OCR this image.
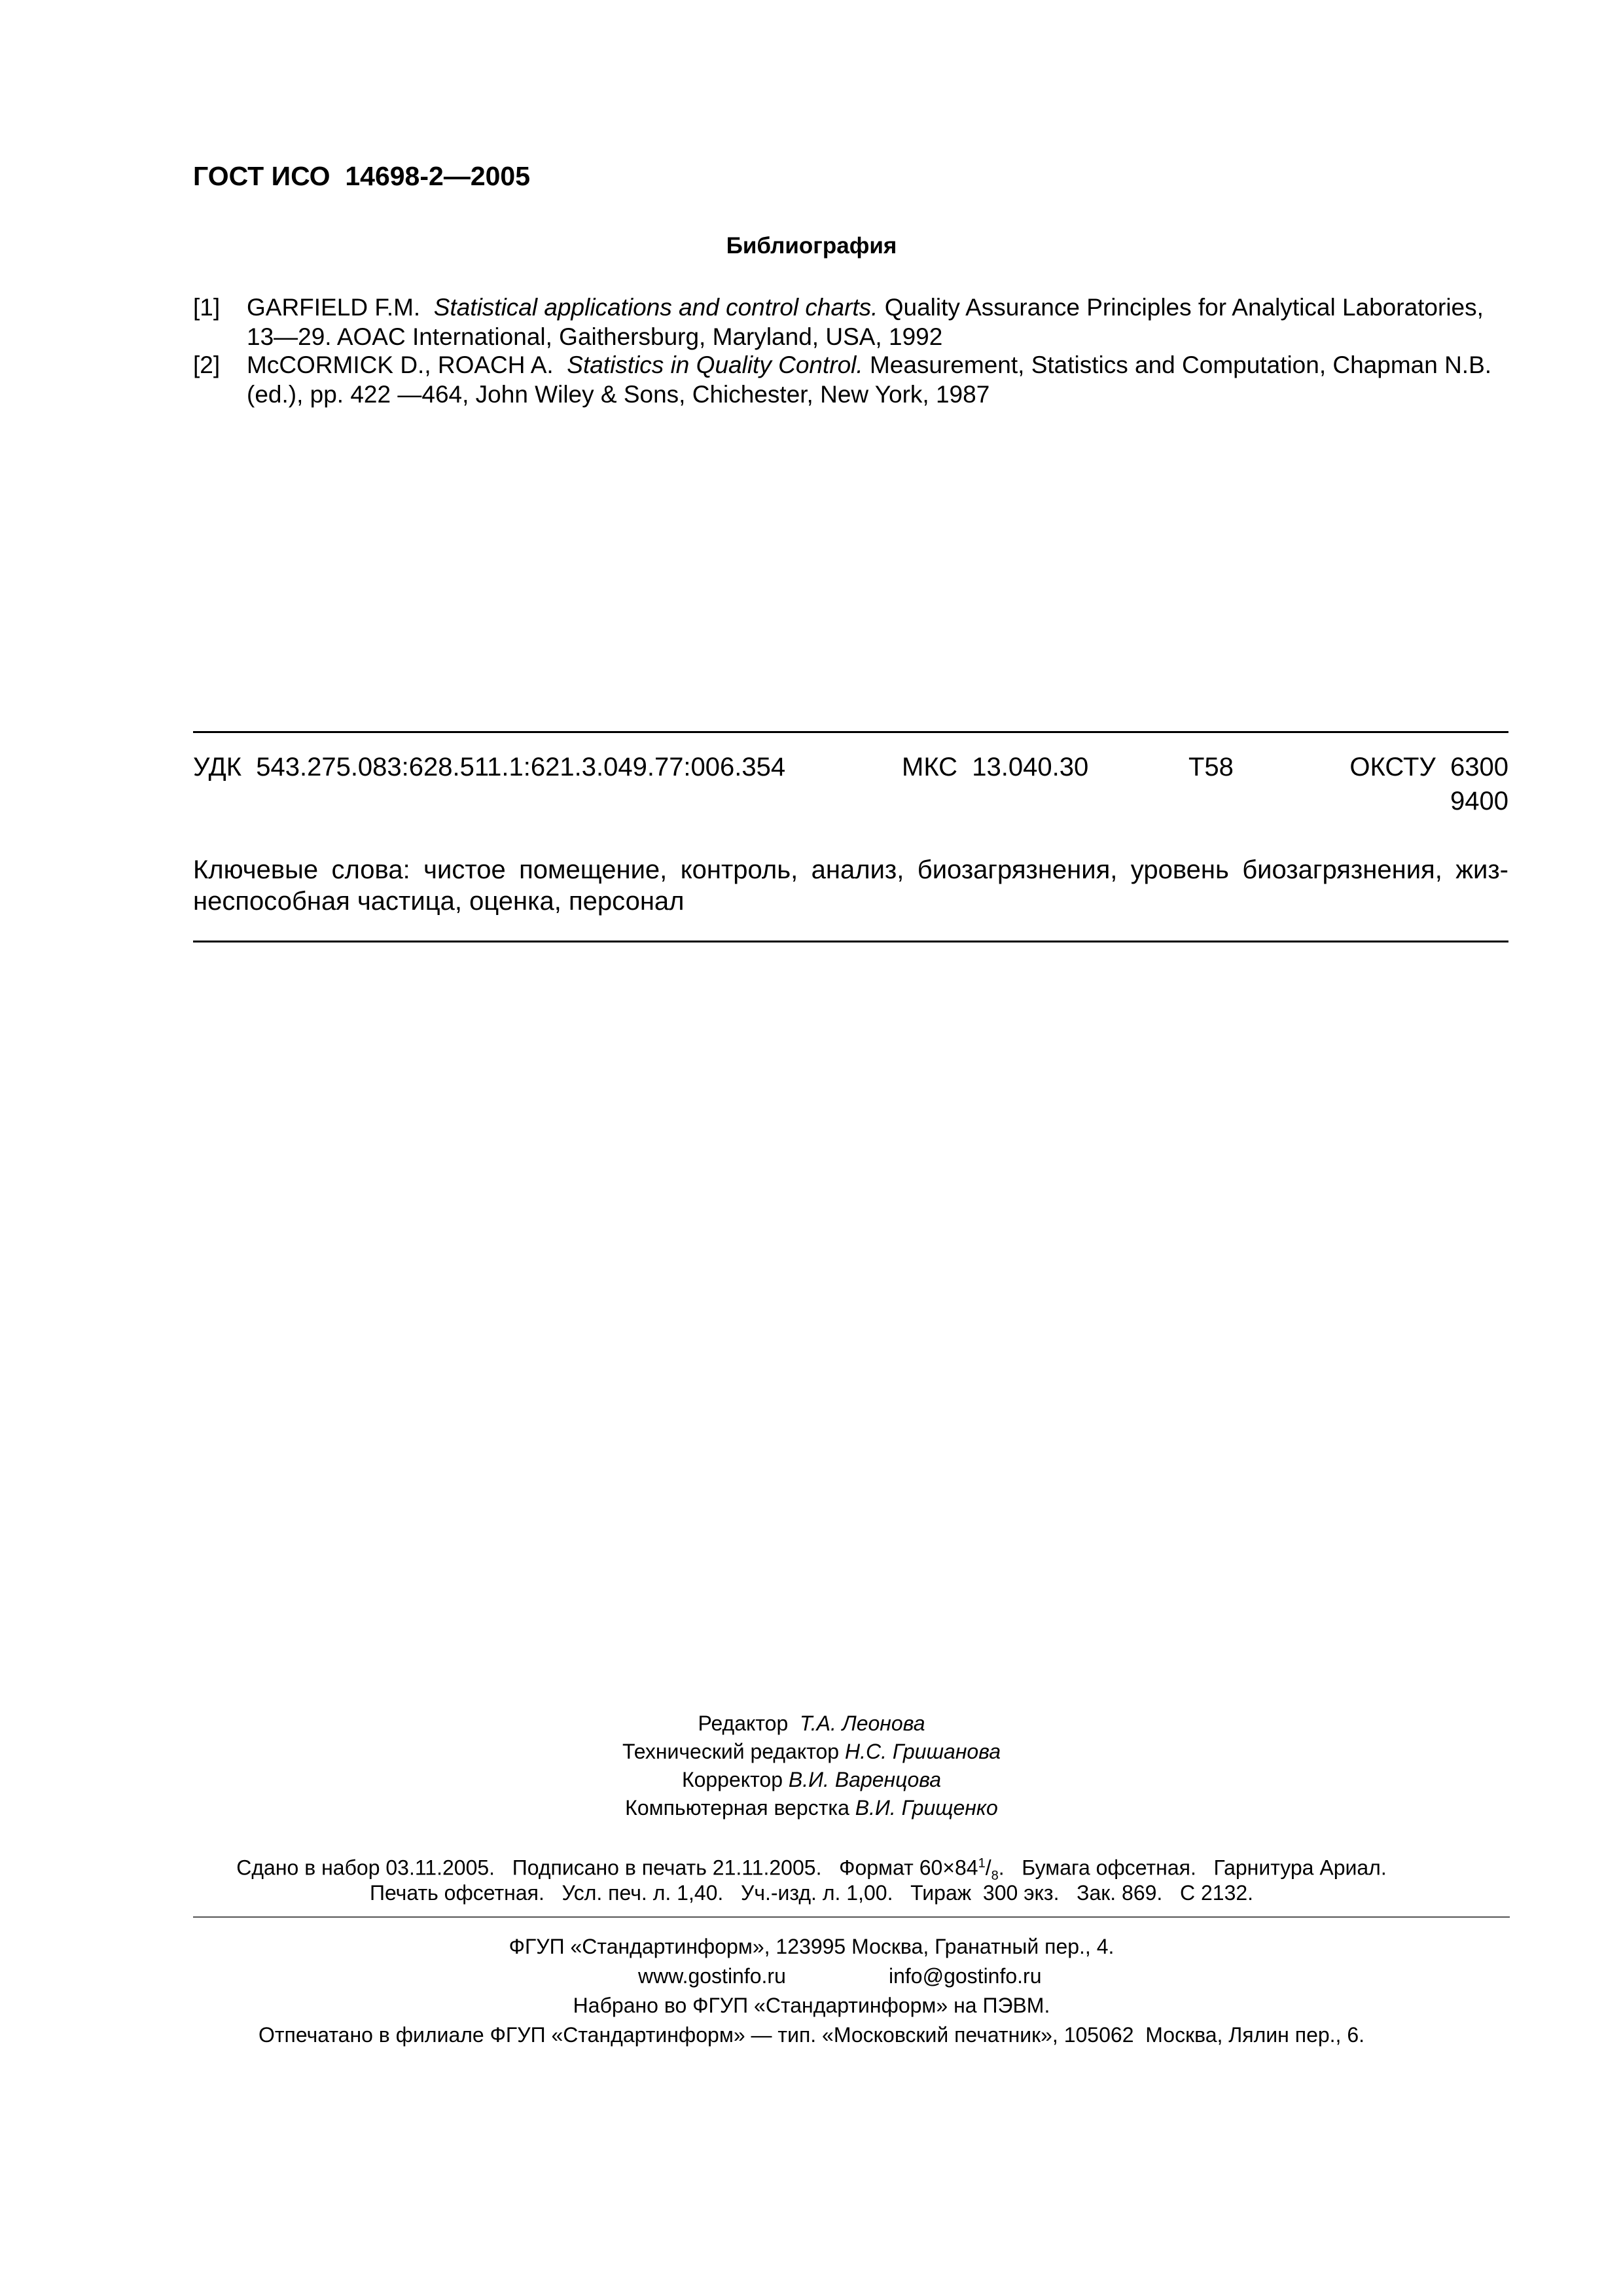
ГОСТ ИСО  14698-2—2005
Библиография
[1] GARFIELD F.M. Statistical applications and control charts. Quality Assurance Principles for Analytical Laboratories, 13—29. AOAC International, Gaithersburg, Maryland, USA, 1992
[2] McCORMICK D., ROACH A. Statistics in Quality Control. Measurement, Statistics and Computation, Chapman N.B. (ed.), pp. 422 —464, John Wiley & Sons, Chichester, New York, 1987
УДК  543.275.083:628.511.1:621.3.049.77:006.354	МКС  13.040.30	Т58	ОКСТУ  6300
9400
Ключевые слова: чистое помещение, контроль, анализ, биозагрязнения, уровень биозагрязнения, жиз-неспособная частица, оценка, персонал
Редактор Т.А. Леонова
Технический редактор Н.С. Гришанова
Корректор В.И. Варенцова
Компьютерная верстка В.И. Грищенко
Сдано в набор 03.11.2005.   Подписано в печать 21.11.2005.   Формат $60\times 84^1/_8$.   Бумага офсетная.   Гарнитура Ариал.
Печать офсетная.   Усл. печ. л. 1,40.   Уч.-изд. л. 1,00.   Тираж  300 экз.   Зак. 869.   С 2132.
ФГУП «Стандартинформ», 123995 Москва, Гранатный пер., 4.
www.gostinfo.ru	info@gostinfo.ru
Набрано во ФГУП «Стандартинформ» на ПЭВМ.
Отпечатано в филиале ФГУП «Стандартинформ» — тип. «Московский печатник», 105062  Москва, Лялин пер., 6.
